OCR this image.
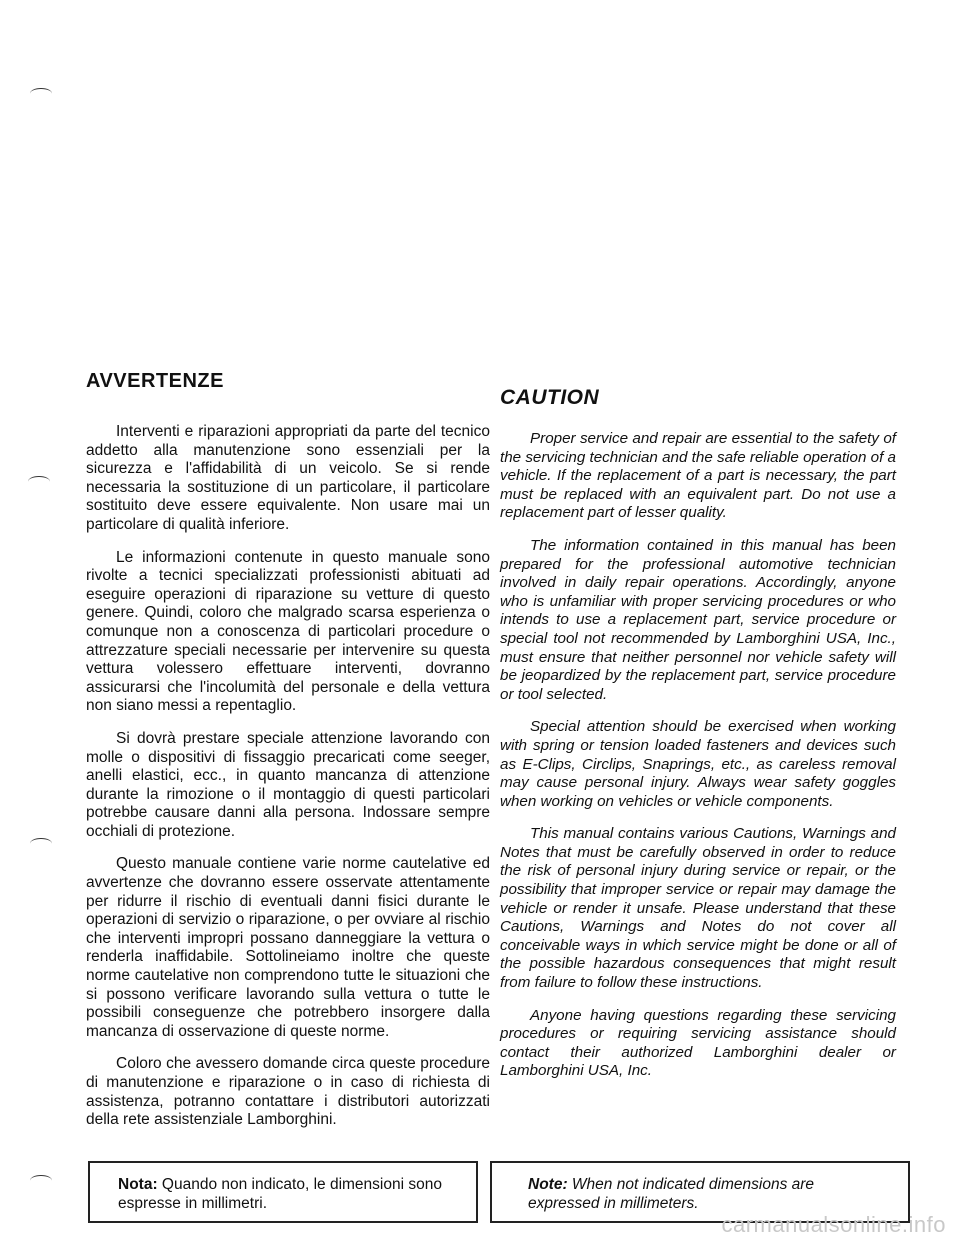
AVVERTENZE

Interventi e riparazioni appropriati da parte del tecnico addetto alla manutenzione sono essenziali per la sicurezza e l'affidabilità di un veicolo. Se si rende necessaria la sostituzione di un particolare, il particolare sostituito deve essere equivalente. Non usare mai un particolare di qualità inferiore.

Le informazioni contenute in questo manuale sono rivolte a tecnici specializzati professionisti abituati ad eseguire operazioni di riparazione su vetture di questo genere. Quindi, coloro che malgrado scarsa esperienza o comunque non a conoscenza di particolari procedure o attrezzature speciali necessarie per intervenire su questa vettura volessero effettuare interventi, dovranno assicurarsi che l'incolumità del personale e della vettura non siano messi a repentaglio.

Si dovrà prestare speciale attenzione lavorando con molle o dispositivi di fissaggio precaricati come seeger, anelli elastici, ecc., in quanto mancanza di attenzione durante la rimozione o il montaggio di questi particolari potrebbe causare danni alla persona. Indossare sempre occhiali di protezione.

Questo manuale contiene varie norme cautelative ed avvertenze che dovranno essere osservate attentamente per ridurre il rischio di eventuali danni fisici durante le operazioni di servizio o riparazione, o per ovviare al rischio che interventi impropri possano danneggiare la vettura o renderla inaffidabile. Sottolineiamo inoltre che queste norme cautelative non comprendono tutte le situazioni che si possono verificare lavorando sulla vettura o tutte le possibili conseguenze che potrebbero insorgere dalla mancanza di osservazione di queste norme.

Coloro che avessero domande circa queste procedure di manutenzione e riparazione o in caso di richiesta di assistenza, potranno contattare i distributori autorizzati della rete assistenziale Lamborghini.

CAUTION

Proper service and repair are essential to the safety of the servicing technician and the safe reliable operation of a vehicle. If the replacement of a part is necessary, the part must be replaced with an equivalent part. Do not use a replacement part of lesser quality.

The information contained in this manual has been prepared for the professional automotive technician involved in daily repair operations. Accordingly, anyone who is unfamiliar with proper servicing procedures or who intends to use a replacement part, service procedure or special tool not recommended by Lamborghini USA, Inc., must ensure that neither personnel nor vehicle safety will be jeopardized by the replacement part, service procedure or tool selected.

Special attention should be exercised when working with spring or tension loaded fasteners and devices such as E-Clips, Circlips, Snaprings, etc., as careless removal may cause personal injury. Always wear safety goggles when working on vehicles or vehicle components.

This manual contains various Cautions, Warnings and Notes that must be carefully observed in order to reduce the risk of personal injury during service or repair, or the possibility that improper service or repair may damage the vehicle or render it unsafe. Please understand that these Cautions, Warnings and Notes do not cover all conceivable ways in which service might be done or all of the possible hazardous consequences that might result from failure to follow these instructions.

Anyone having questions regarding these servicing procedures or requiring servicing assistance should contact their authorized Lamborghini dealer or Lamborghini USA, Inc.

Nota: Quando non indicato, le dimensioni sono espresse in millimetri.
Note: When not indicated dimensions are expressed in millimeters.
carmanualsonline.info
